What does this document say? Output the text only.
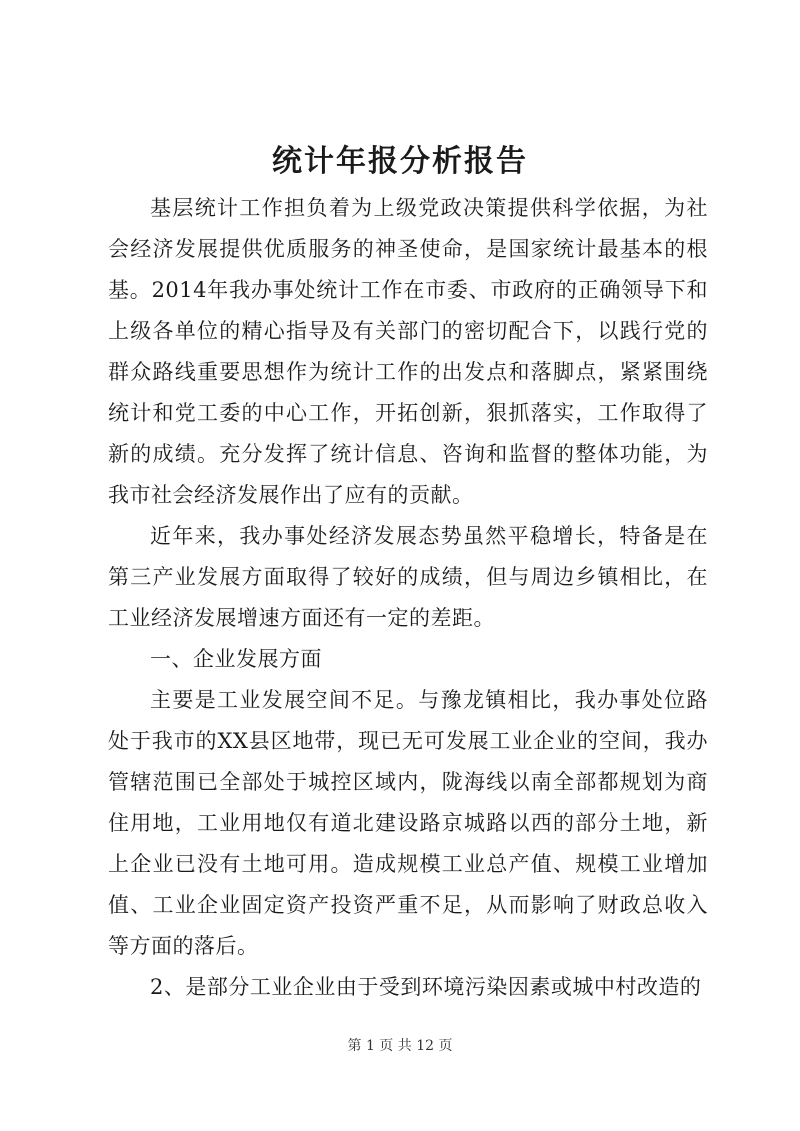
统计年报分析报告

基层统计工作担负着为上级党政决策提供科学依据，为社会经济发展提供优质服务的神圣使命，是国家统计最基本的根基。2014年我办事处统计工作在市委、市政府的正确领导下和上级各单位的精心指导及有关部门的密切配合下，以践行党的群众路线重要思想作为统计工作的出发点和落脚点，紧紧围绕统计和党工委的中心工作，开拓创新，狠抓落实，工作取得了新的成绩。充分发挥了统计信息、咨询和监督的整体功能，为我市社会经济发展作出了应有的贡献。

近年来，我办事处经济发展态势虽然平稳增长，特备是在第三产业发展方面取得了较好的成绩，但与周边乡镇相比，在工业经济发展增速方面还有一定的差距。

一、企业发展方面

主要是工业发展空间不足。与豫龙镇相比，我办事处位路处于我市的XX县区地带，现已无可发展工业企业的空间，我办管辖范围已全部处于城控区域内，陇海线以南全部都规划为商住用地，工业用地仅有道北建设路京城路以西的部分土地，新上企业已没有土地可用。造成规模工业总产值、规模工业增加值、工业企业固定资产投资严重不足，从而影响了财政总收入等方面的落后。

2、是部分工业企业由于受到环境污染因素或城中村改造的

第 1 页 共 12 页
